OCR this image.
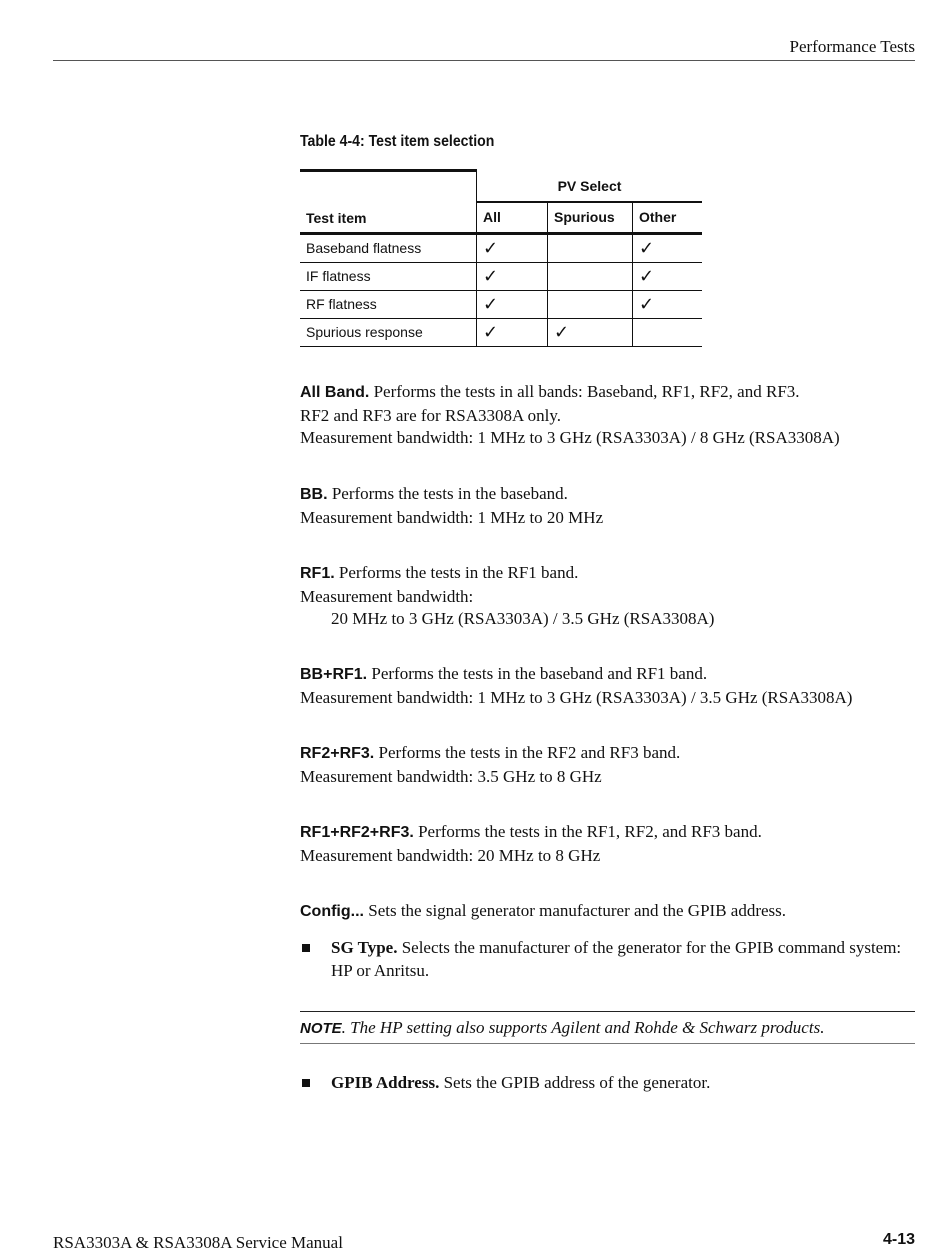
Performance Tests
Table 4-4: Test item selection
Test item	PV Select		
	All	Spurious	Other
Baseband flatness	✓		✓
IF flatness	✓		✓
RF flatness	✓		✓
Spurious response	✓	✓	
All Band. Performs the tests in all bands: Baseband, RF1, RF2, and RF3.
RF2 and RF3 are for RSA3308A only.
Measurement bandwidth: 1 MHz to 3 GHz (RSA3303A) / 8 GHz (RSA3308A)
BB. Performs the tests in the baseband.
Measurement bandwidth: 1 MHz to 20 MHz
RF1. Performs the tests in the RF1 band.
Measurement bandwidth:
20 MHz to 3 GHz (RSA3303A) / 3.5 GHz (RSA3308A)
BB+RF1. Performs the tests in the baseband and RF1 band.
Measurement bandwidth: 1 MHz to 3 GHz (RSA3303A) / 3.5 GHz (RSA3308A)
RF2+RF3. Performs the tests in the RF2 and RF3 band.
Measurement bandwidth: 3.5 GHz to 8 GHz
RF1+RF2+RF3. Performs the tests in the RF1, RF2, and RF3 band.
Measurement bandwidth: 20 MHz to 8 GHz
Config... Sets the signal generator manufacturer and the GPIB address.
SG Type. Selects the manufacturer of the generator for the GPIB command system: HP or Anritsu.
NOTE. The HP setting also supports Agilent and Rohde & Schwarz products.
GPIB Address. Sets the GPIB address of the generator.
RSA3303A & RSA3308A Service Manual	4-13
